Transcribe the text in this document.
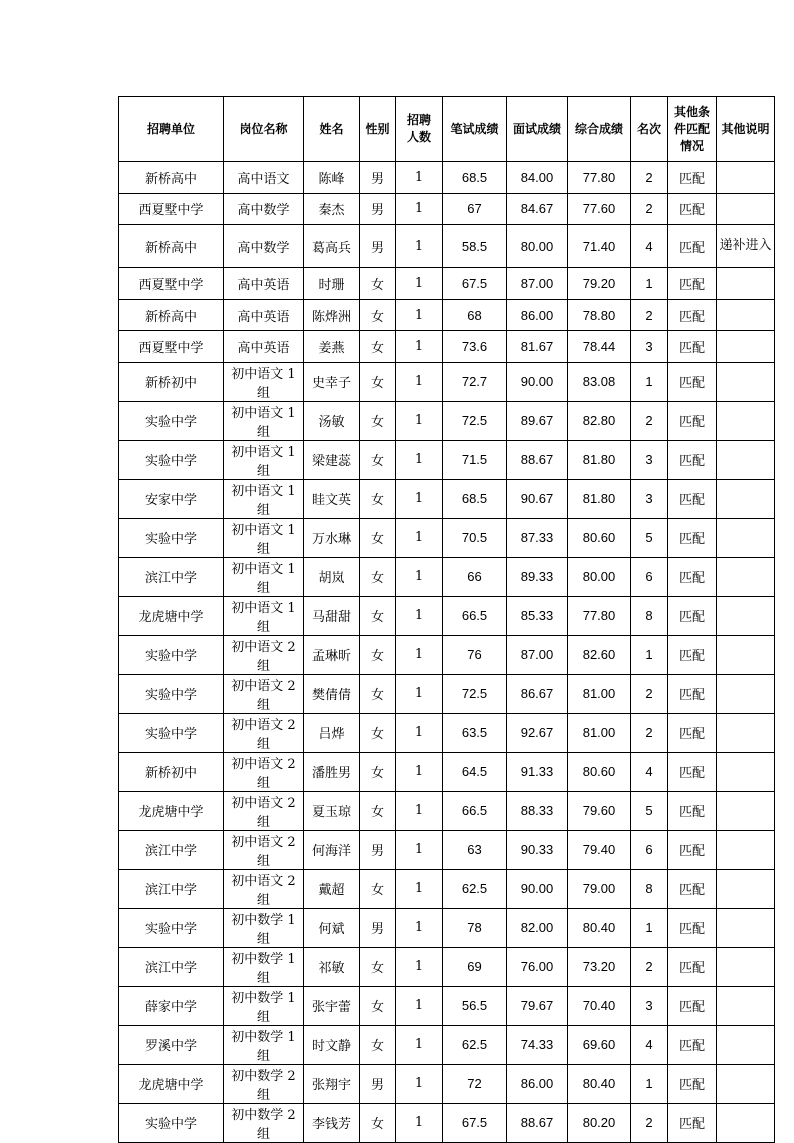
招聘单位	岗位名称	姓名	性别	招聘人数	笔试成绩	面试成绩	综合成绩	名次	其他条件匹配情况	其他说明
新桥高中	高中语文	陈峰	男	1	68.5	84.00	77.80	2	匹配	
西夏墅中学	高中数学	秦杰	男	1	67	84.67	77.60	2	匹配	
新桥高中	高中数学	葛高兵	男	1	58.5	80.00	71.40	4	匹配	递补进入
西夏墅中学	高中英语	时珊	女	1	67.5	87.00	79.20	1	匹配	
新桥高中	高中英语	陈烨洲	女	1	68	86.00	78.80	2	匹配	
西夏墅中学	高中英语	姜燕	女	1	73.6	81.67	78.44	3	匹配	
新桥初中	初中语文 1 组	史幸子	女	1	72.7	90.00	83.08	1	匹配	
实验中学	初中语文 1 组	汤敏	女	1	72.5	89.67	82.80	2	匹配	
实验中学	初中语文 1 组	梁建蕊	女	1	71.5	88.67	81.80	3	匹配	
安家中学	初中语文 1 组	眭文英	女	1	68.5	90.67	81.80	3	匹配	
实验中学	初中语文 1 组	万水琳	女	1	70.5	87.33	80.60	5	匹配	
滨江中学	初中语文 1 组	胡岚	女	1	66	89.33	80.00	6	匹配	
龙虎塘中学	初中语文 1 组	马甜甜	女	1	66.5	85.33	77.80	8	匹配	
实验中学	初中语文 2 组	孟琳昕	女	1	76	87.00	82.60	1	匹配	
实验中学	初中语文 2 组	樊倩倩	女	1	72.5	86.67	81.00	2	匹配	
实验中学	初中语文 2 组	吕烨	女	1	63.5	92.67	81.00	2	匹配	
新桥初中	初中语文 2 组	潘胜男	女	1	64.5	91.33	80.60	4	匹配	
龙虎塘中学	初中语文 2 组	夏玉琼	女	1	66.5	88.33	79.60	5	匹配	
滨江中学	初中语文 2 组	何海洋	男	1	63	90.33	79.40	6	匹配	
滨江中学	初中语文 2 组	戴超	女	1	62.5	90.00	79.00	8	匹配	
实验中学	初中数学 1 组	何斌	男	1	78	82.00	80.40	1	匹配	
滨江中学	初中数学 1 组	祁敏	女	1	69	76.00	73.20	2	匹配	
薛家中学	初中数学 1 组	张宇蕾	女	1	56.5	79.67	70.40	3	匹配	
罗溪中学	初中数学 1 组	时文静	女	1	62.5	74.33	69.60	4	匹配	
龙虎塘中学	初中数学 2 组	张翔宇	男	1	72	86.00	80.40	1	匹配	
实验中学	初中数学 2 组	李钱芳	女	1	67.5	88.67	80.20	2	匹配	
